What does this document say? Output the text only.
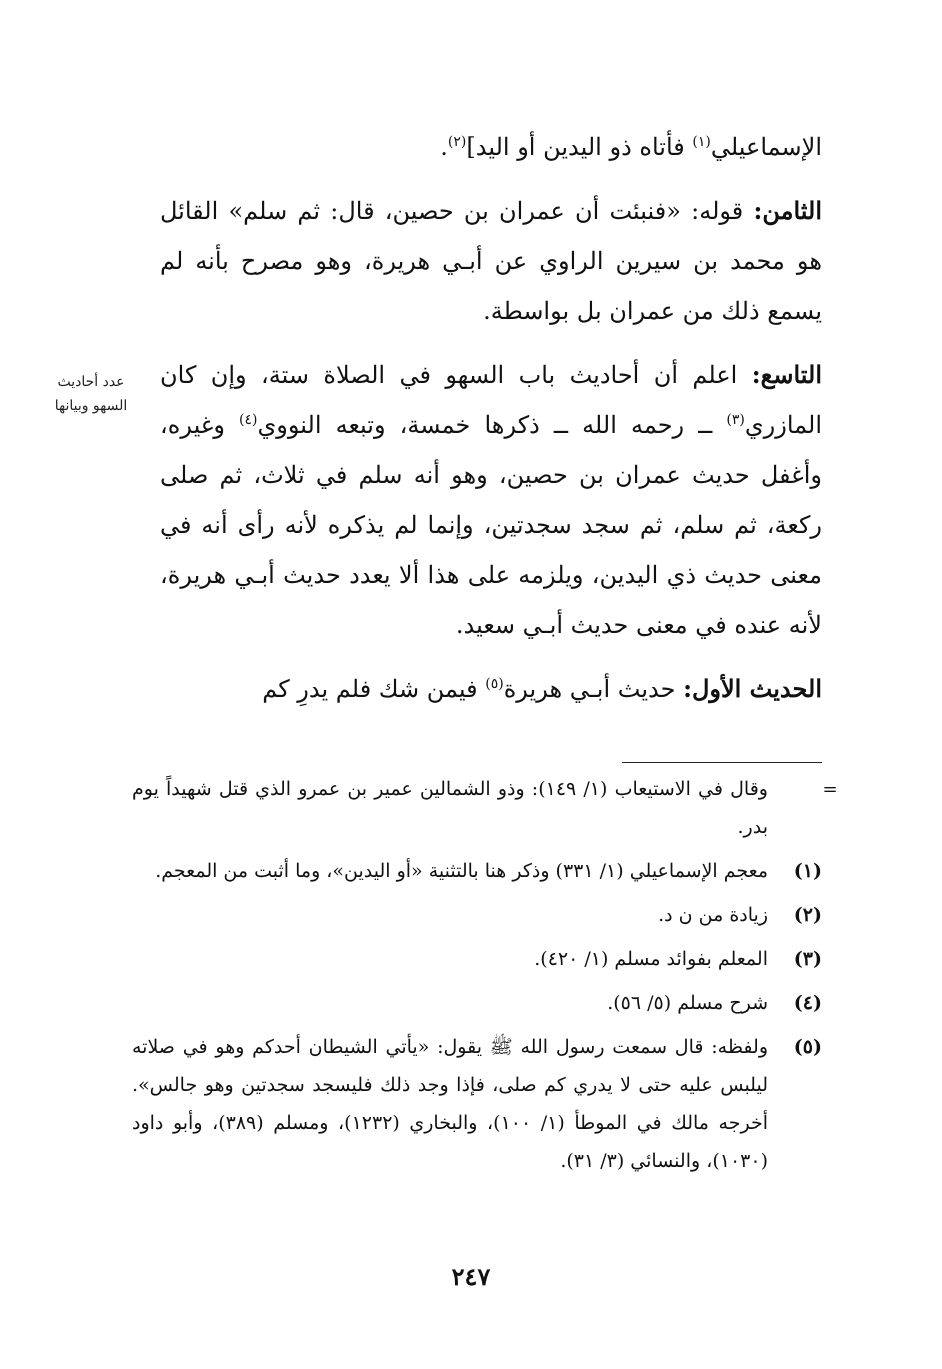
الإسماعيلي$^{(١)}$ فأتاه ذو اليدين أو اليد]$^{(٢)}$.

الثامن: قوله: «فنبئت أن عمران بن حصين، قال: ثم سلم» القائل هو محمد بن سيرين الراوي عن أبـي هريرة، وهو مصرح بأنه لم يسمع ذلك من عمران بل بواسطة.

التاسع: اعلم أن أحاديث باب السهو في الصلاة ستة، وإن كان المازري$^{(٣)}$ ــ رحمه الله ــ ذكرها خمسة، وتبعه النووي$^{(٤)}$ وغيره، وأغفل حديث عمران بن حصين، وهو أنه سلم في ثلاث، ثم صلى ركعة، ثم سلم، ثم سجد سجدتين، وإنما لم يذكره لأنه رأى أنه في معنى حديث ذي اليدين، ويلزمه على هذا ألا يعدد حديث أبـي هريرة، لأنه عنده في معنى حديث أبـي سعيد.

الحديث الأول: حديث أبـي هريرة$^{(٥)}$ فيمن شك فلم يدرِ كم

عدد أحاديث
السهو وبيانها
=
وقال في الاستيعاب (١/ ١٤٩): وذو الشمالين عمير بن عمرو الذي قتل شهيداً يوم بدر.
(١)
معجم الإسماعيلي (١/ ٣٣١) وذكر هنا بالتثنية «أو اليدين»، وما أثبت من المعجم.
(٢)
زيادة من ن د.
(٣)
المعلم بفوائد مسلم (١/ ٤٢٠).
(٤)
شرح مسلم (٥/ ٥٦).
(٥)
ولفظه: قال سمعت رسول الله ﷺ يقول: «يأتي الشيطان أحدكم وهو في صلاته ليلبس عليه حتى لا يدري كم صلى، فإذا وجد ذلك فليسجد سجدتين وهو جالس». أخرجه مالك في الموطأ (١/ ١٠٠)، والبخاري (١٢٣٢)، ومسلم (٣٨٩)، وأبو داود (١٠٣٠)، والنسائي (٣/ ٣١).
٢٤٧
